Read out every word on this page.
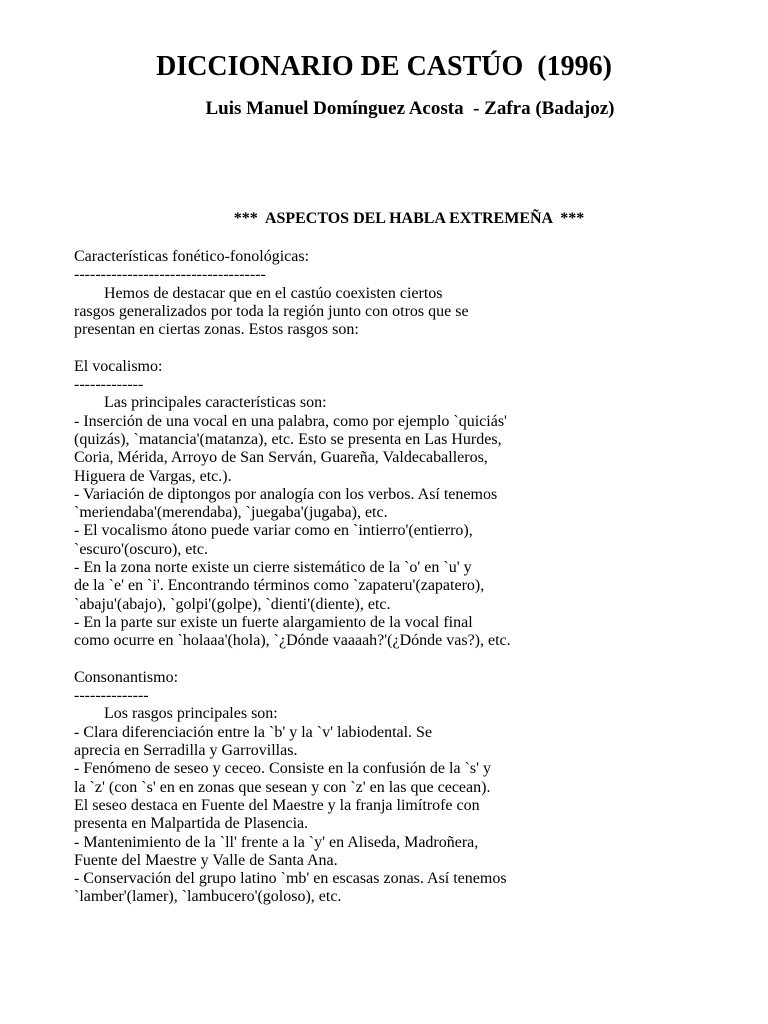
DICCIONARIO DE CASTÚO  (1996)
Luis Manuel Domínguez Acosta  - Zafra (Badajoz)
***  ASPECTOS DEL HABLA EXTREMEÑA  ***
Características fonético-fonológicas:
------------------------------------
Hemos de destacar que en el castúo coexisten ciertos
rasgos generalizados por toda la región junto con otros que se
presentan en ciertas zonas. Estos rasgos son:
El vocalismo:
-------------
Las principales características son:
- Inserción de una vocal en una palabra, como por ejemplo `quiciás'
(quizás), `matancia'(matanza), etc. Esto se presenta en Las Hurdes,
Coria, Mérida, Arroyo de San Serván, Guareña, Valdecaballeros,
Higuera de Vargas, etc.).
- Variación de diptongos por analogía con los verbos. Así tenemos
`meriendaba'(merendaba), `juegaba'(jugaba), etc.
- El vocalismo átono puede variar como en `intierro'(entierro),
`escuro'(oscuro), etc.
- En la zona norte existe un cierre sistemático de la `o' en `u' y
de la `e' en `i'. Encontrando términos como `zapateru'(zapatero),
`abaju'(abajo), `golpi'(golpe), `dienti'(diente), etc.
- En la parte sur existe un fuerte alargamiento de la vocal final
como ocurre en `holaaa'(hola), `¿Dónde vaaaah?'(¿Dónde vas?), etc.
Consonantismo:
--------------
Los rasgos principales son:
- Clara diferenciación entre la `b' y la `v' labiodental. Se
aprecia en Serradilla y Garrovillas.
- Fenómeno de seseo y ceceo. Consiste en la confusión de la `s' y
la `z' (con `s' en en zonas que sesean y con `z' en las que cecean).
El seseo destaca en Fuente del Maestre y la franja limítrofe con
presenta en Malpartida de Plasencia.
- Mantenimiento de la `ll' frente a la `y' en Aliseda, Madroñera,
Fuente del Maestre y Valle de Santa Ana.
- Conservación del grupo latino `mb' en escasas zonas. Así tenemos
`lamber'(lamer), `lambucero'(goloso), etc.
